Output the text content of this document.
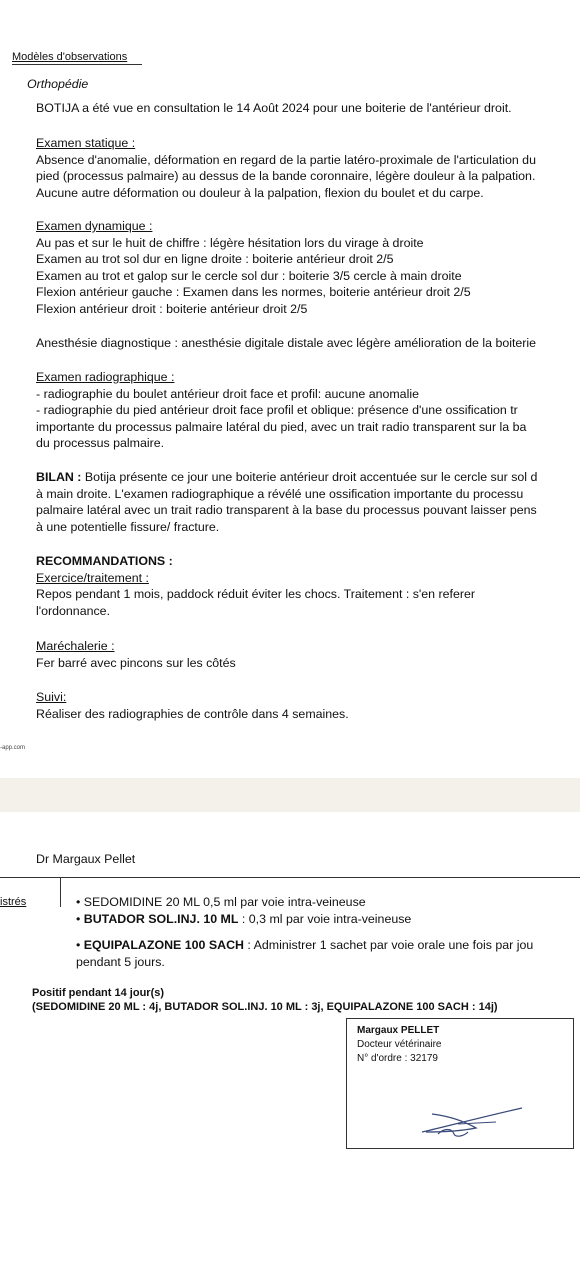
Modèles d'observations
Orthopédie
BOTIJA a été vue en consultation le 14 Août 2024 pour une boiterie de l'antérieur droit.
Examen statique :
Absence d'anomalie, déformation en regard de la partie latéro-proximale de l'articulation du
pied (processus palmaire) au dessus de la bande coronnaire, légère douleur à la palpation.
Aucune autre déformation ou douleur à la palpation, flexion du boulet et du carpe.
Examen dynamique :
Au pas et sur le huit de chiffre : légère hésitation lors du virage à droite
Examen au trot sol dur en ligne droite : boiterie antérieur droit 2/5
Examen au trot et galop sur le cercle sol dur : boiterie 3/5 cercle à main droite
Flexion antérieur gauche : Examen dans les normes, boiterie antérieur droit 2/5
Flexion antérieur droit : boiterie antérieur droit 2/5
Anesthésie diagnostique : anesthésie digitale distale avec légère amélioration de la boiterie
Examen radiographique :
- radiographie du boulet antérieur droit face et profil: aucune anomalie
- radiographie du pied antérieur droit face profil et oblique: présence d'une ossification tr
importante du processus palmaire latéral du pied, avec un trait radio transparent sur la ba
du processus palmaire.
BILAN : Botija présente ce jour une boiterie antérieur droit accentuée sur le cercle sur sol d
à main droite. L'examen radiographique a révélé une ossification importante du processu
palmaire latéral avec un trait radio transparent à la base du processus pouvant laisser pens
à une potentielle fissure/ fracture.
RECOMMANDATIONS :
Exercice/traitement :
Repos pendant 1 mois, paddock réduit éviter les chocs. Traitement : s'en referer
l'ordonnance.
Maréchalerie :
Fer barré avec pincons sur les côtés
Suivi:
Réaliser des radiographies de contrôle dans 4 semaines.
-app.com
Dr Margaux Pellet
istrés
•	SEDOMIDINE 20 ML 0,5 ml par voie intra-veineuse
• BUTADOR SOL.INJ. 10 ML : 0,3 ml par voie intra-veineuse
• EQUIPALAZONE 100 SACH : Administrer 1 sachet par voie orale une fois par jou
pendant 5 jours.
Positif pendant 14 jour(s)
(SEDOMIDINE 20 ML : 4j, BUTADOR SOL.INJ. 10 ML : 3j, EQUIPALAZONE 100 SACH : 14j)
Margaux PELLET
Docteur vétérinaire
N° d'ordre : 32179
